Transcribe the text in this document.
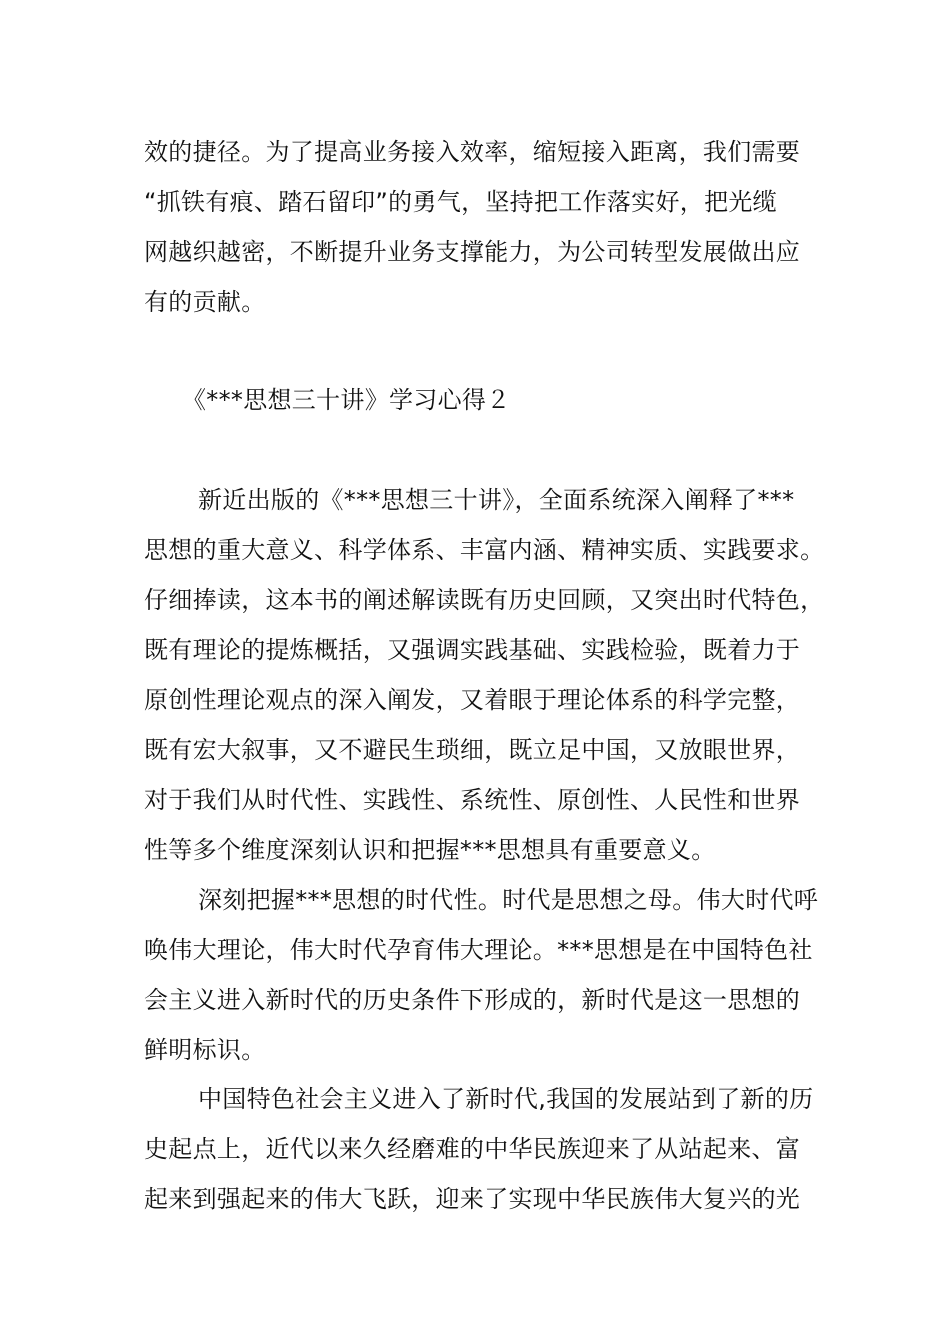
效的捷径。为了提高业务接入效率，缩短接入距离，我们需要
“抓铁有痕、踏石留印”的勇气，坚持把工作落实好，把光缆
网越织越密，不断提升业务支撑能力，为公司转型发展做出应
有的贡献。
《***思想三十讲》学习心得２
新近出版的《***思想三十讲》，全面系统深入阐释了***
思想的重大意义、科学体系、丰富内涵、精神实质、实践要求。
仔细捧读，这本书的阐述解读既有历史回顾，又突出时代特色，
既有理论的提炼概括，又强调实践基础、实践检验，既着力于
原创性理论观点的深入阐发，又着眼于理论体系的科学完整，
既有宏大叙事，又不避民生琐细，既立足中国，又放眼世界，
对于我们从时代性、实践性、系统性、原创性、人民性和世界
性等多个维度深刻认识和把握***思想具有重要意义。
深刻把握***思想的时代性。时代是思想之母。伟大时代呼
唤伟大理论，伟大时代孕育伟大理论。***思想是在中国特色社
会主义进入新时代的历史条件下形成的，新时代是这一思想的
鲜明标识。
中国特色社会主义进入了新时代,我国的发展站到了新的历
史起点上，近代以来久经磨难的中华民族迎来了从站起来、富
起来到强起来的伟大飞跃，迎来了实现中华民族伟大复兴的光
